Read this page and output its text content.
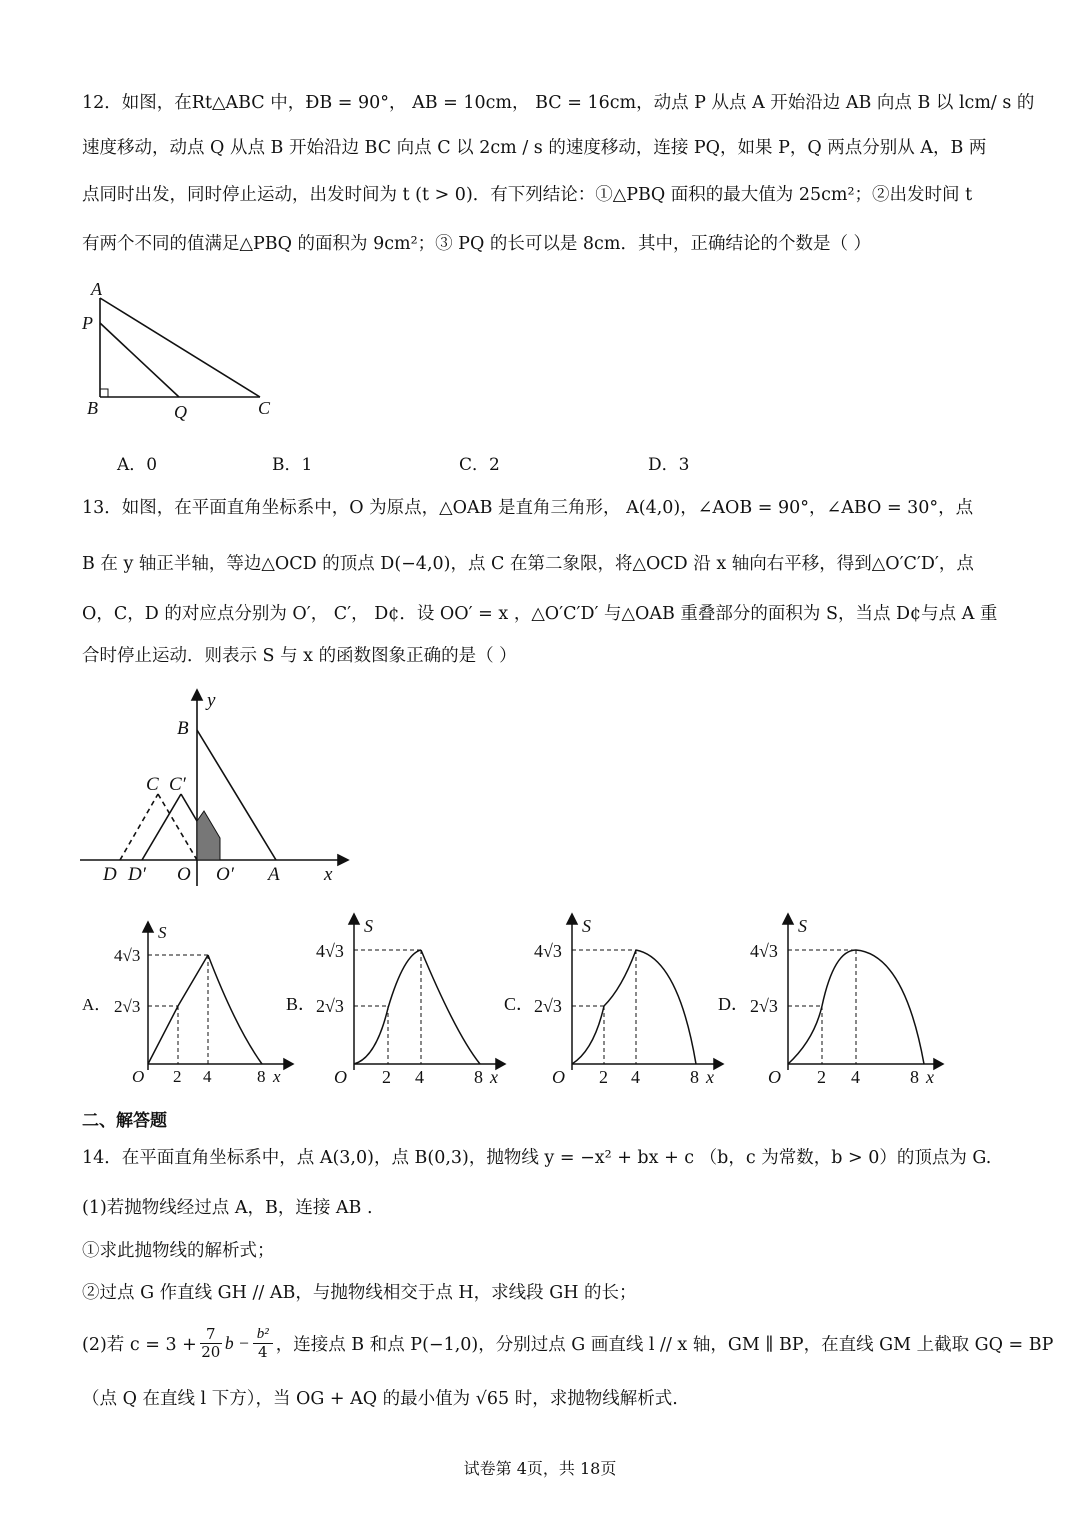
12．如图，在Rt△ABC 中，ÐB = 90°， AB = 10cm， BC = 16cm，动点 P 从点 A 开始沿边 AB 向点 B 以 lcm/ s 的
速度移动，动点 Q 从点 B 开始沿边 BC 向点 C 以 2cm / s 的速度移动，连接 PQ，如果 P，Q 两点分别从 A，B 两
点同时出发，同时停止运动，出发时间为 t (t > 0)．有下列结论：①△PBQ 面积的最大值为 25cm²；②出发时间 t
有两个不同的值满足△PBQ 的面积为 9cm²；③ PQ 的长可以是 8cm．其中，正确结论的个数是（ ）
A
P
B	Q	C
A．0	B．1	C．2	D．3
13．如图，在平面直角坐标系中，O 为原点，△OAB 是直角三角形， A(4,0)，∠AOB = 90°，∠ABO = 30°，点
B 在 y 轴正半轴，等边△OCD 的顶点 D(−4,0)，点 C 在第二象限，将△OCD 沿 x 轴向右平移，得到△O′C′D′，点
O，C，D 的对应点分别为 O′， C′， D¢．设 OO′ = x ，△O′C′D′ 与△OAB 重叠部分的面积为 S，当点 D¢与点 A 重
合时停止运动．则表示 S 与 x 的函数图象正确的是（ ）
y
B
C C′
D D′ O O′ A x
A．
S
4√3
2√3
O 2 4	8 x
B．
S
4√3
2√3
O 2 4	8 x
C．
S
4√3
2√3
O 2 4	8 x
D．
S
4√3
2√3
O 2 4	8 x
二、解答题
14．在平面直角坐标系中，点 A(3,0)，点 B(0,3)，抛物线 y = −x² + bx + c （b，c 为常数，b > 0）的顶点为 G.
(1)若抛物线经过点 A，B，连接 AB .
①求此抛物线的解析式；
②过点 G 作直线 GH // AB，与抛物线相交于点 H，求线段 GH 的长；
(2)若 c = 3 +
7
20 b − b²
4 ，连接点 B 和点 P(−1,0)，分别过点 G 画直线 l // x 轴，GM ∥ BP，在直线 GM 上截取 GQ = BP
（点 Q 在直线 l 下方），当 OG + AQ 的最小值为 √65 时，求抛物线解析式.
试卷第 4页，共 18页
